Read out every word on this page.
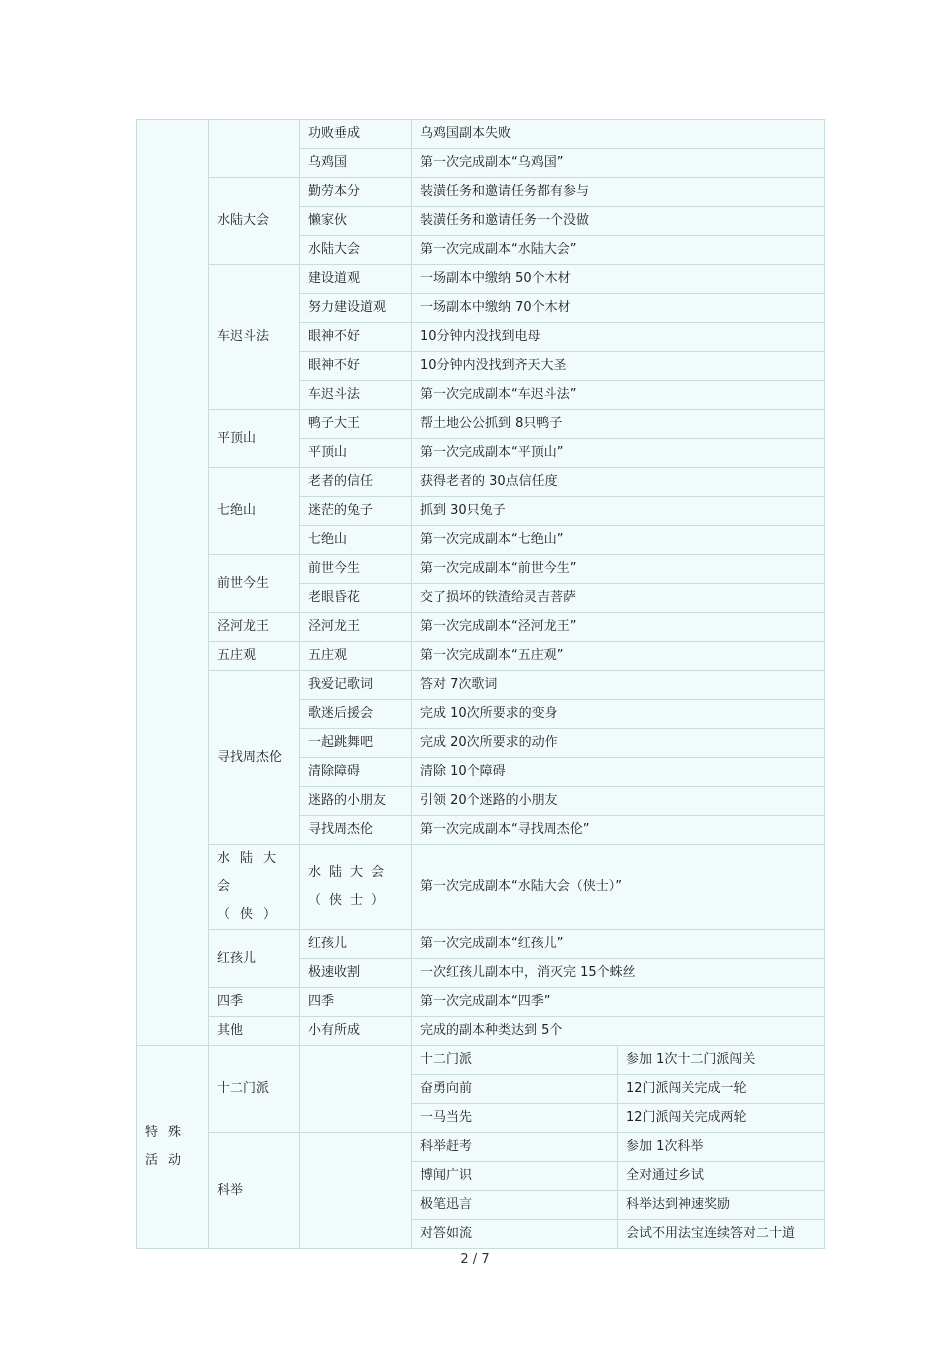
		功败垂成	乌鸡国副本失败	
		乌鸡国	第一次完成副本“乌鸡国”	
	水陆大会	勤劳本分	装潢任务和邀请任务都有参与	
		懒家伙	装潢任务和邀请任务一个没做	
		水陆大会	第一次完成副本“水陆大会”	
	车迟斗法	建设道观	一场副本中缴纳 50个木材	
		努力建设道观	一场副本中缴纳 70个木材	
		眼神不好	10分钟内没找到电母	
		眼神不好	10分钟内没找到齐天大圣	
		车迟斗法	第一次完成副本“车迟斗法”	
	平顶山	鸭子大王	帮土地公公抓到 8只鸭子	
		平顶山	第一次完成副本“平顶山”	
	七绝山	老者的信任	获得老者的 30点信任度	
		迷茫的兔子	抓到 30只兔子	
		七绝山	第一次完成副本“七绝山”	
	前世今生	前世今生	第一次完成副本“前世今生”	
		老眼昏花	交了损坏的铁渣给灵吉菩萨	
	泾河龙王	泾河龙王	第一次完成副本“泾河龙王”	
	五庄观	五庄观	第一次完成副本“五庄观”	
	寻找周杰伦	我爱记歌词	答对 7次歌词	
		歌迷后援会	完成 10次所要求的变身	
		一起跳舞吧	完成 20次所要求的动作	
		清除障碍	清除 10个障碍	
		迷路的小朋友	引领 20个迷路的小朋友	
		寻找周杰伦	第一次完成副本“寻找周杰伦”	
	水陆大会（侠）	水陆大会（侠士）	第一次完成副本“水陆大会（侠士）”	
	红孩儿	红孩儿	第一次完成副本“红孩儿”	
		极速收割	一次红孩儿副本中，消灭完 15个蛛丝	
	四季	四季	第一次完成副本“四季”	
	其他	小有所成	完成的副本种类达到 5个	
特殊活动	十二门派		十二门派	参加 1次十二门派闯关
			奋勇向前	12门派闯关完成一轮
			一马当先	12门派闯关完成两轮
	科举		科举赶考	参加 1次科举
			博闻广识	全对通过乡试
			极笔迅言	科举达到神速奖励
			对答如流	会试不用法宝连续答对二十道
2 / 7
